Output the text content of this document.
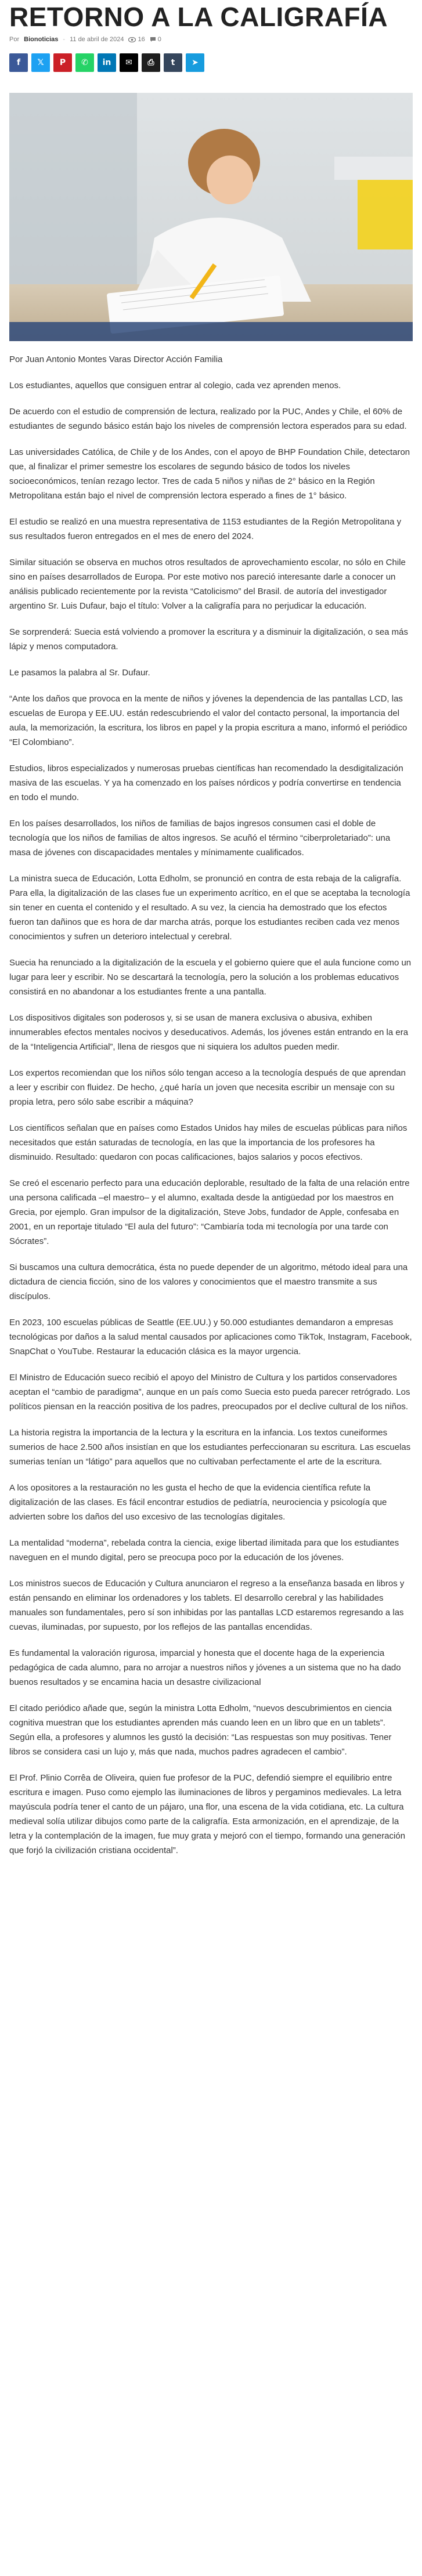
RETORNO A LA CALIGRAFÍA
Por Bionoticias - 11 de abril de 2024 16 0
f 𝕏 P ✆ in ✉ ⎙ t ➤

Por Juan Antonio Montes Varas Director Acción Familia

Los estudiantes, aquellos que consiguen entrar al colegio, cada vez aprenden menos.

De acuerdo con el estudio de comprensión de lectura, realizado por la PUC, Andes y Chile, el 60% de estudiantes de segundo básico están bajo los niveles de comprensión lectora esperados para su edad.

Las universidades Católica, de Chile y de los Andes, con el apoyo de BHP Foundation Chile, detectaron que, al finalizar el primer semestre los escolares de segundo básico de todos los niveles socioeconómicos, tenían rezago lector. Tres de cada 5 niños y niñas de 2° básico en la Región Metropolitana están bajo el nivel de comprensión lectora esperado a fines de 1° básico.

El estudio se realizó en una muestra representativa de 1153 estudiantes de la Región Metropolitana y sus resultados fueron entregados en el mes de enero del 2024.

Similar situación se observa en muchos otros resultados de aprovechamiento escolar, no sólo en Chile sino en países desarrollados de Europa. Por este motivo nos pareció interesante darle a conocer un análisis publicado recientemente por la revista “Catolicismo” del Brasil. de autoría del investigador argentino Sr. Luis Dufaur, bajo el título: Volver a la caligrafía para no perjudicar la educación.

Se sorprenderá: Suecia está volviendo a promover la escritura y a disminuir la digitalización, o sea más lápiz y menos computadora.

Le pasamos la palabra al Sr. Dufaur.

“Ante los daños que provoca en la mente de niños y jóvenes la dependencia de las pantallas LCD, las escuelas de Europa y EE.UU. están redescubriendo el valor del contacto personal, la importancia del aula, la memorización, la escritura, los libros en papel y la propia escritura a mano, informó el periódico “El Colombiano”.

Estudios, libros especializados y numerosas pruebas científicas han recomendado la desdigitalización masiva de las escuelas. Y ya ha comenzado en los países nórdicos y podría convertirse en tendencia en todo el mundo.

En los países desarrollados, los niños de familias de bajos ingresos consumen casi el doble de tecnología que los niños de familias de altos ingresos. Se acuñó el término “ciberproletariado”: una masa de jóvenes con discapacidades mentales y mínimamente cualificados.

La ministra sueca de Educación, Lotta Edholm, se pronunció en contra de esta rebaja de la caligrafía. Para ella, la digitalización de las clases fue un experimento acrítico, en el que se aceptaba la tecnología sin tener en cuenta el contenido y el resultado. A su vez, la ciencia ha demostrado que los efectos fueron tan dañinos que es hora de dar marcha atrás, porque los estudiantes reciben cada vez menos conocimientos y sufren un deterioro intelectual y cerebral.

Suecia ha renunciado a la digitalización de la escuela y el gobierno quiere que el aula funcione como un lugar para leer y escribir. No se descartará la tecnología, pero la solución a los problemas educativos consistirá en no abandonar a los estudiantes frente a una pantalla.

Los dispositivos digitales son poderosos y, si se usan de manera exclusiva o abusiva, exhiben innumerables efectos mentales nocivos y deseducativos. Además, los jóvenes están entrando en la era de la “Inteligencia Artificial”, llena de riesgos que ni siquiera los adultos pueden medir.

Los expertos recomiendan que los niños sólo tengan acceso a la tecnología después de que aprendan a leer y escribir con fluidez. De hecho, ¿qué haría un joven que necesita escribir un mensaje con su propia letra, pero sólo sabe escribir a máquina?

Los científicos señalan que en países como Estados Unidos hay miles de escuelas públicas para niños necesitados que están saturadas de tecnología, en las que la importancia de los profesores ha disminuido. Resultado: quedaron con pocas calificaciones, bajos salarios y pocos efectivos.

Se creó el escenario perfecto para una educación deplorable, resultado de la falta de una relación entre una persona calificada –el maestro– y el alumno, exaltada desde la antigüedad por los maestros en Grecia, por ejemplo. Gran impulsor de la digitalización, Steve Jobs, fundador de Apple, confesaba en 2001, en un reportaje titulado “El aula del futuro”: “Cambiaría toda mi tecnología por una tarde con Sócrates”.

Si buscamos una cultura democrática, ésta no puede depender de un algoritmo, método ideal para una dictadura de ciencia ficción, sino de los valores y conocimientos que el maestro transmite a sus discípulos.

En 2023, 100 escuelas públicas de Seattle (EE.UU.) y 50.000 estudiantes demandaron a empresas tecnológicas por daños a la salud mental causados por aplicaciones como TikTok, Instagram, Facebook, SnapChat o YouTube. Restaurar la educación clásica es la mayor urgencia.

El Ministro de Educación sueco recibió el apoyo del Ministro de Cultura y los partidos conservadores aceptan el “cambio de paradigma”, aunque en un país como Suecia esto pueda parecer retrógrado. Los políticos piensan en la reacción positiva de los padres, preocupados por el declive cultural de los niños.

La historia registra la importancia de la lectura y la escritura en la infancia. Los textos cuneiformes sumerios de hace 2.500 años insistían en que los estudiantes perfeccionaran su escritura. Las escuelas sumerias tenían un “látigo” para aquellos que no cultivaban perfectamente el arte de la escritura.

A los opositores a la restauración no les gusta el hecho de que la evidencia científica refute la digitalización de las clases. Es fácil encontrar estudios de pediatría, neurociencia y psicología que advierten sobre los daños del uso excesivo de las tecnologías digitales.

La mentalidad “moderna”, rebelada contra la ciencia, exige libertad ilimitada para que los estudiantes naveguen en el mundo digital, pero se preocupa poco por la educación de los jóvenes.

Los ministros suecos de Educación y Cultura anunciaron el regreso a la enseñanza basada en libros y están pensando en eliminar los ordenadores y los tablets. El desarrollo cerebral y las habilidades manuales son fundamentales, pero sí son inhibidas por las pantallas LCD estaremos regresando a las cuevas, iluminadas, por supuesto, por los reflejos de las pantallas encendidas.

Es fundamental la valoración rigurosa, imparcial y honesta que el docente haga de la experiencia pedagógica de cada alumno, para no arrojar a nuestros niños y jóvenes a un sistema que no ha dado buenos resultados y se encamina hacia un desastre civilizacional

El citado periódico añade que, según la ministra Lotta Edholm, “nuevos descubrimientos en ciencia cognitiva muestran que los estudiantes aprenden más cuando leen en un libro que en un tablets”. Según ella, a profesores y alumnos les gustó la decisión: “Las respuestas son muy positivas. Tener libros se considera casi un lujo y, más que nada, muchos padres agradecen el cambio”.

El Prof. Plinio Corrêa de Oliveira, quien fue profesor de la PUC, defendió siempre el equilibrio entre escritura e imagen. Puso como ejemplo las iluminaciones de libros y pergaminos medievales. La letra mayúscula podría tener el canto de un pájaro, una flor, una escena de la vida cotidiana, etc. La cultura medieval solía utilizar dibujos como parte de la caligrafía. Esta armonización, en el aprendizaje, de la letra y la contemplación de la imagen, fue muy grata y mejoró con el tiempo, formando una generación que forjó la civilización cristiana occidental”.
